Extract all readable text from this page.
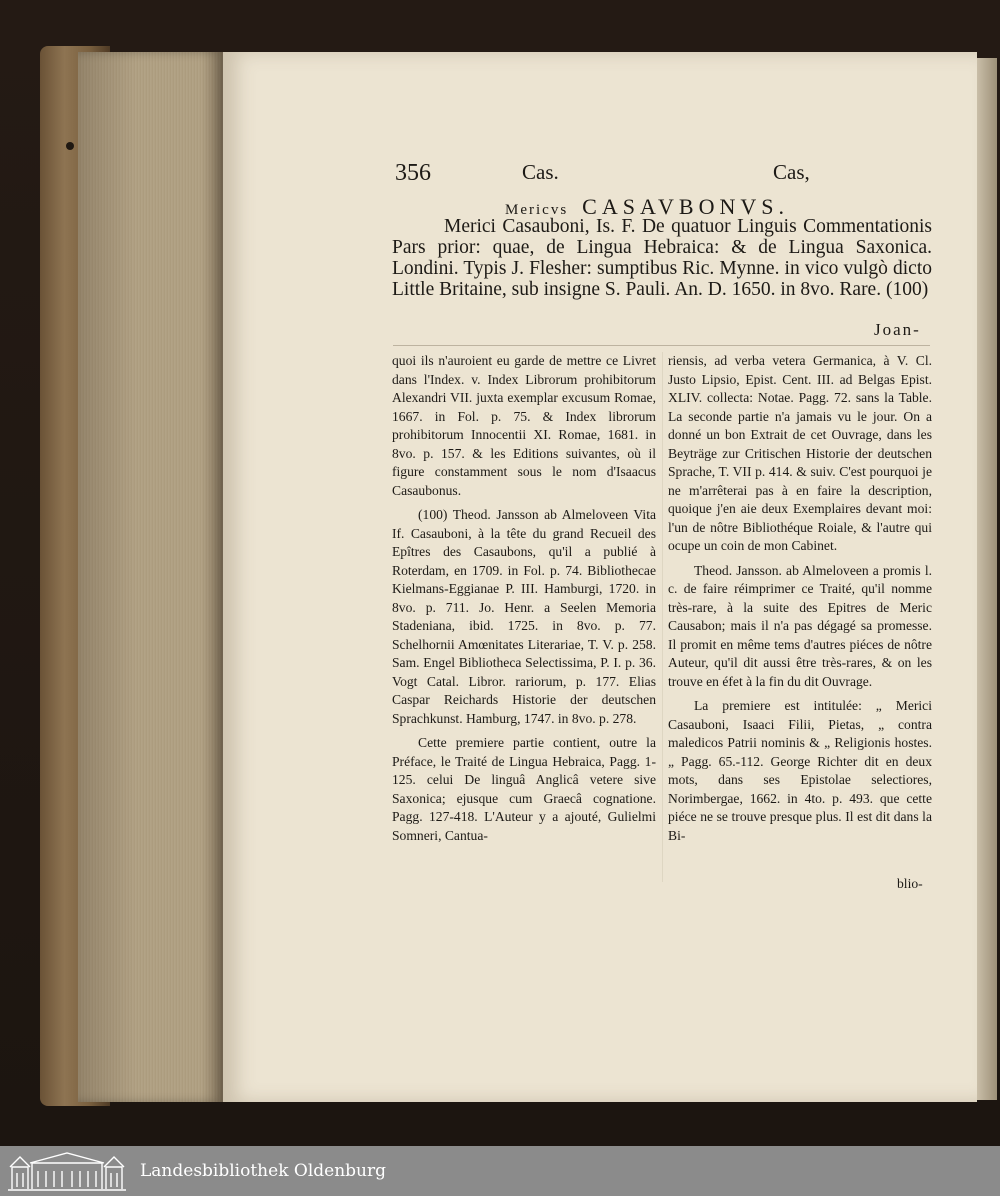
356	Cas.	Cas,
Mericvs CASAVBONVS.
Merici Casauboni, Is. F. De quatuor Linguis Commentationis Pars prior: quae, de Lingua Hebraica: & de Lingua Saxonica. Londini. Typis J. Flesher: sumptibus Ric. Mynne. in vico vulgò dicto Little Britaine, sub insigne S. Pauli. An. D. 1650. in 8vo. Rare. (100)
Joan-

quoi ils n'auroient eu garde de mettre ce Livret dans l'Index. v. Index Librorum prohibitorum Alexandri VII. juxta exemplar excusum Romae, 1667. in Fol. p. 75. & Index librorum prohibitorum Innocentii XI. Romae, 1681. in 8vo. p. 157. & les Editions suivantes, où il figure constamment sous le nom d'Isaacus Casaubonus.

(100) Theod. Jansson ab Almeloveen Vita If. Casauboni, à la tête du grand Recueil des Epîtres des Casaubons, qu'il a publié à Roterdam, en 1709. in Fol. p. 74. Bibliothecae Kielmans-Eggianae P. III. Hamburgi, 1720. in 8vo. p. 711. Jo. Henr. a Seelen Memoria Stadeniana, ibid. 1725. in 8vo. p. 77. Schelhornii Amœnitates Literariae, T. V. p. 258. Sam. Engel Bibliotheca Selectissima, P. I. p. 36. Vogt Catal. Libror. rariorum, p. 177. Elias Caspar Reichards Historie der deutschen Sprachkunst. Hamburg, 1747. in 8vo. p. 278.

Cette premiere partie contient, outre la Préface, le Traité de Lingua Hebraica, Pagg. 1-125. celui De linguâ Anglicâ vetere sive Saxonica; ejusque cum Graecâ cognatione. Pagg. 127-418. L'Auteur y a ajouté, Gulielmi Somneri, Cantua-

riensis, ad verba vetera Germanica, à V. Cl. Justo Lipsio, Epist. Cent. III. ad Belgas Epist. XLIV. collecta: Notae. Pagg. 72. sans la Table. La seconde partie n'a jamais vu le jour. On a donné un bon Extrait de cet Ouvrage, dans les Beyträge zur Critischen Historie der deutschen Sprache, T. VII p. 414. & suiv. C'est pourquoi je ne m'arrêterai pas à en faire la description, quoique j'en aie deux Exemplaires devant moi: l'un de nôtre Bibliothéque Roiale, & l'autre qui ocupe un coin de mon Cabinet.

Theod. Jansson. ab Almeloveen a promis l. c. de faire réimprimer ce Traité, qu'il nomme très-rare, à la suite des Epitres de Meric Causabon; mais il n'a pas dégagé sa promesse. Il promit en même tems d'autres piéces de nôtre Auteur, qu'il dit aussi être très-rares, & on les trouve en éfet à la fin du dit Ouvrage.

La premiere est intitulée: „ Merici Casauboni, Isaaci Filii, Pietas, „ contra maledicos Patrii nominis & „ Religionis hostes. „ Pagg. 65.-112. George Richter dit en deux mots, dans ses Epistolae selectiores, Norimbergae, 1662. in 4to. p. 493. que cette piéce ne se trouve presque plus. Il est dit dans la Bi-

blio-
Landesbibliothek Oldenburg
